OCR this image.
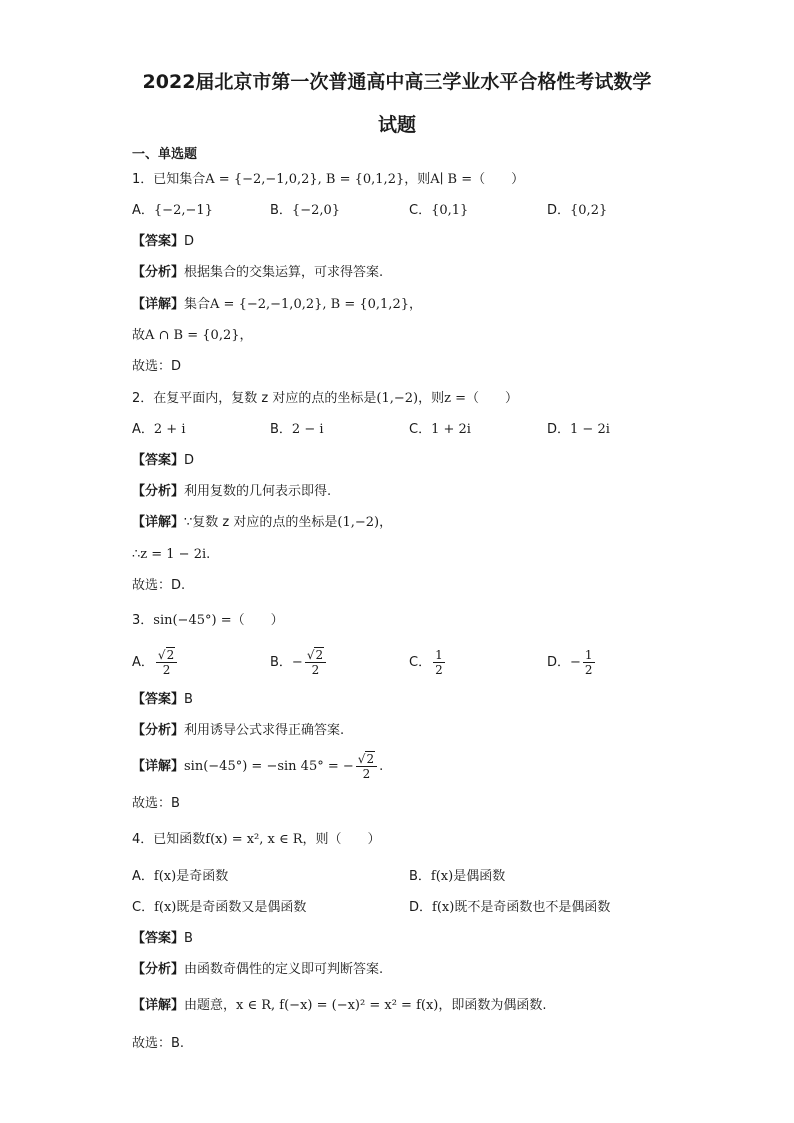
2022届北京市第一次普通高中高三学业水平合格性考试数学
试题
一、单选题
1．已知集合A = {−2,−1,0,2}, B = {0,1,2}，则A∣ B =（　　）
A．{−2,−1}	B．{−2,0}	C．{0,1}	D．{0,2}
【答案】D
【分析】根据集合的交集运算，可求得答案.
【详解】集合A = {−2,−1,0,2}, B = {0,1,2}，
故A ∩ B = {0,2}，
故选：D
2．在复平面内，复数 z 对应的点的坐标是(1,−2)，则z =（　　）
A．2 + i	B．2 − i	C．1 + 2i	D．1 − 2i
【答案】D
【分析】利用复数的几何表示即得.
【详解】∵复数 z 对应的点的坐标是(1,−2)，
∴z = 1 − 2i.
故选：D.
3．sin(−45°) =（　　）
A． $\frac{√2}{2}$	B．− $\frac{√2}{2}$	C． $\frac{1}{2}$	D．− $\frac{1}{2}$
【答案】B
【分析】利用诱导公式求得正确答案.
【详解】sin(−45°) = −sin 45° = − $\frac{√2}{2}$ .
故选：B
4．已知函数f(x) = x², x ∈ R，则（　　）
A．f(x)是奇函数	B．f(x)是偶函数
C．f(x)既是奇函数又是偶函数	D．f(x)既不是奇函数也不是偶函数
【答案】B
【分析】由函数奇偶性的定义即可判断答案.
【详解】由题意，x ∈ R, f(−x) = (−x)² = x² = f(x)，即函数为偶函数.
故选：B.
